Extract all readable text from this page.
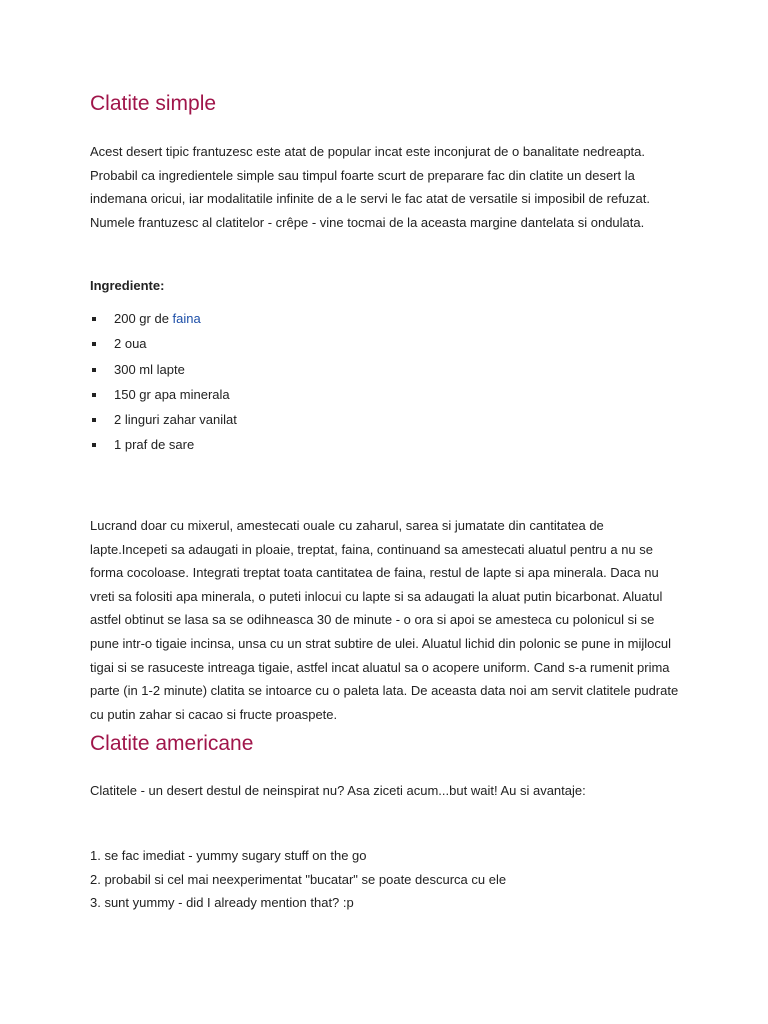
Clatite simple

Acest desert tipic frantuzesc este atat de popular incat este inconjurat de o banalitate nedreapta. Probabil ca ingredientele simple sau timpul foarte scurt de preparare fac din clatite un desert la indemana oricui, iar modalitatile infinite de a le servi le fac atat de versatile si imposibil de refuzat. Numele frantuzesc al clatitelor - crêpe - vine tocmai de la aceasta margine dantelata si ondulata.

Ingrediente:
200 gr de faina
2 oua
300 ml lapte
150 gr apa minerala
2 linguri zahar vanilat
1 praf de sare

Lucrand doar cu mixerul, amestecati ouale cu zaharul, sarea si jumatate din cantitatea de lapte.Incepeti sa adaugati in ploaie, treptat, faina, continuand sa amestecati aluatul pentru a nu se forma cocoloase. Integrati treptat toata cantitatea de faina, restul de lapte si apa minerala. Daca nu vreti sa folositi apa minerala, o puteti inlocui cu lapte si sa adaugati la aluat putin bicarbonat. Aluatul astfel obtinut se lasa sa se odihneasca 30 de minute - o ora si apoi se amesteca cu polonicul si se pune intr-o tigaie incinsa, unsa cu un strat subtire de ulei. Aluatul lichid din polonic se pune in mijlocul tigai si se rasuceste intreaga tigaie, astfel incat aluatul sa o acopere uniform. Cand s-a rumenit prima parte (in 1-2 minute) clatita se intoarce cu o paleta lata. De aceasta data noi am servit clatitele pudrate cu putin zahar si cacao si fructe proaspete.

Clatite americane

Clatitele - un desert destul de neinspirat nu? Asa ziceti acum...but wait! Au si avantaje:

1. se fac imediat - yummy sugary stuff on the go
2. probabil si cel mai neexperimentat "bucatar" se poate descurca cu ele
3. sunt yummy - did I already mention that? :p
